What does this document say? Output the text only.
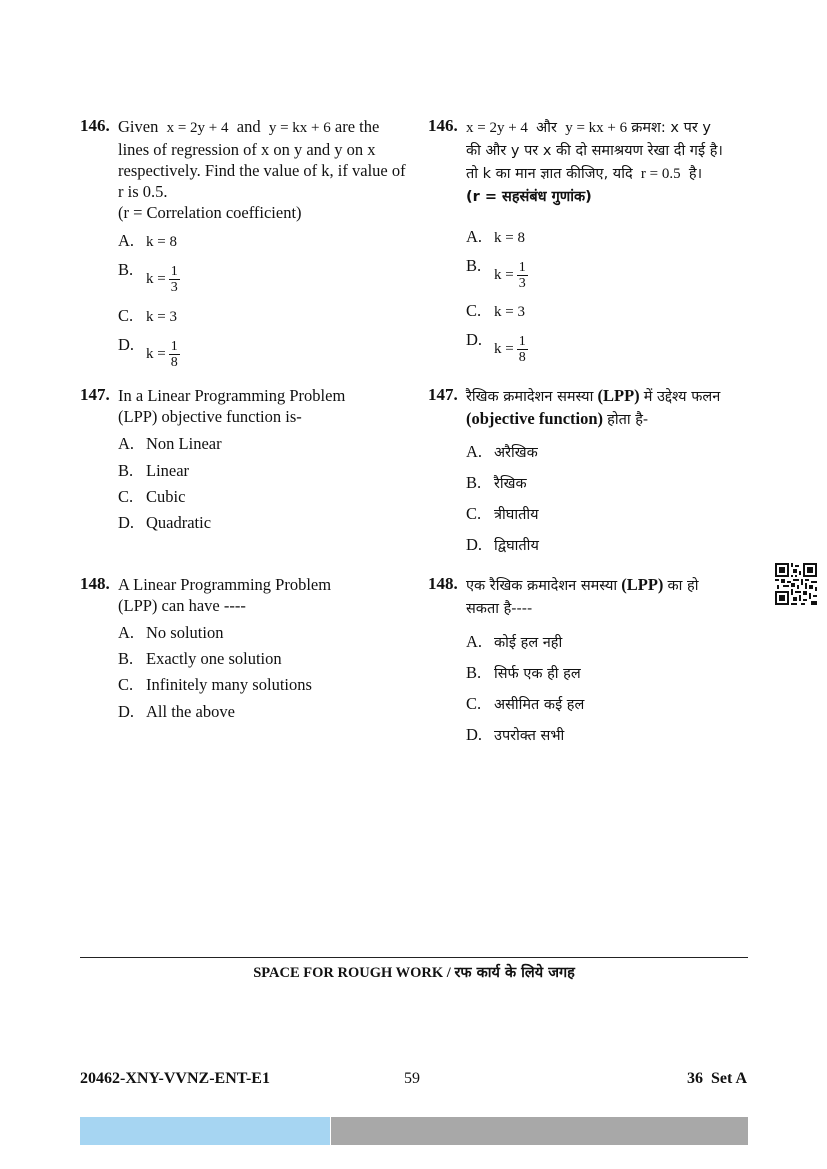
146. Given x = 2y + 4 and y = kx + 6 are the lines of regression of x on y and y on x respectively. Find the value of k, if value of r is 0.5.
(r = Correlation coefficient)
A. k = 8
B. $k = \frac{1}{3}$
C. k = 3
D. $k = \frac{1}{8}$
147. In a Linear Programming Problem (LPP) objective function is-
A. Non Linear
B. Linear
C. Cubic
D. Quadratic
148. A Linear Programming Problem (LPP) can have ----
A. No solution
B. Exactly one solution
C. Infinitely many solutions
D. All the above
146. x = 2y + 4 और y = kx + 6 क्रमश: x पर y
की और y पर x की दो समाश्रयण रेखा दी गई है।
तो k का मान ज्ञात कीजिए, यदि r = 0.5 है।
(r = सहसंबंध गुणांक)
A. k = 8
B. $k = \frac{1}{3}$
C. k = 3
D. $k = \frac{1}{8}$
147. रैखिक क्रमादेशन समस्या (LPP) में उद्देश्य फलन
(objective function) होता है-
A. अरैखिक
B. रैखिक
C. त्रीघातीय
D. द्विघातीय
148. एक रैखिक क्रमादेशन समस्या (LPP) का हो
सकता है----
A. कोई हल नही
B. सिर्फ एक ही हल
C. असीमित कई हल
D. उपरोक्त सभी
SPACE FOR ROUGH WORK / रफ कार्य के लिये जगह
20462-XNY-VVNZ-ENT-E1	59	36 Set A
